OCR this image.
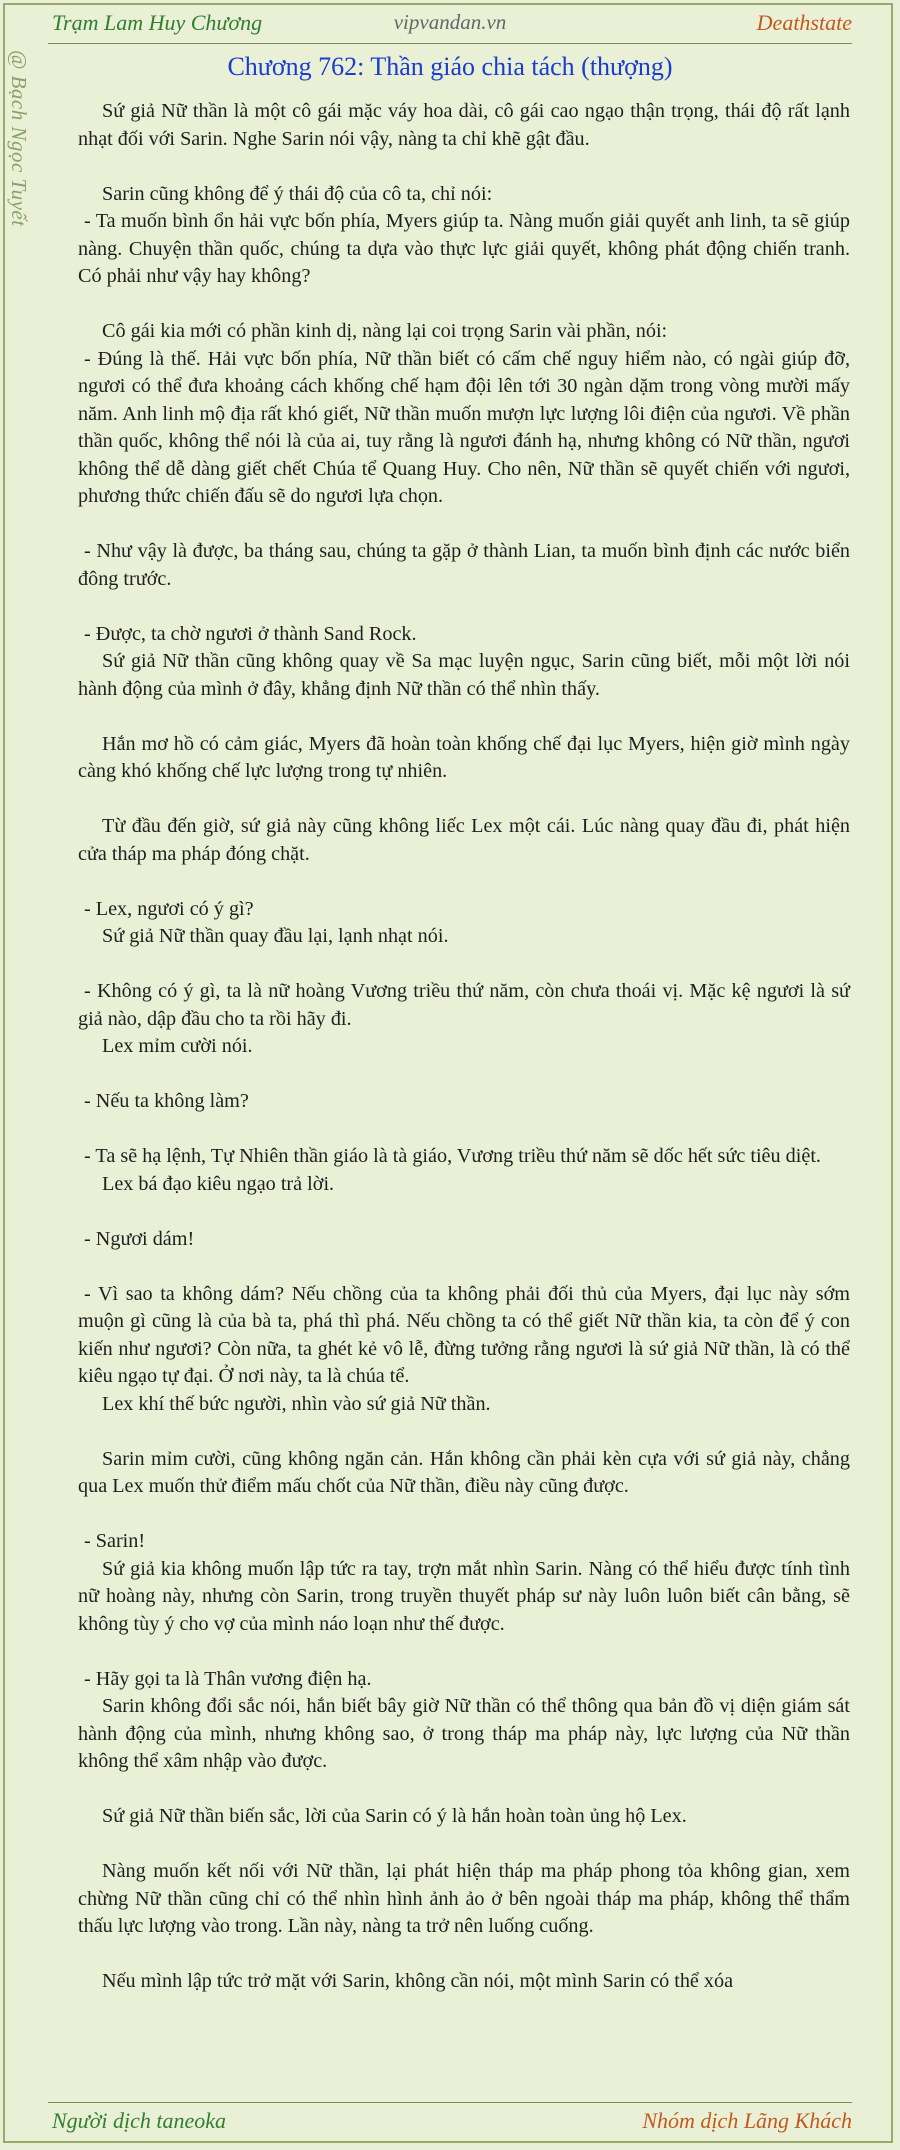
Trạm Lam Huy Chương	vipvandan.vn	Deathstate
@ Bạch Ngọc Tuyết	Chương 762: Thần giáo chia tách (thượng)

Sứ giả Nữ thần là một cô gái mặc váy hoa dài, cô gái cao ngạo thận trọng, thái độ rất lạnh nhạt đối với Sarin. Nghe Sarin nói vậy, nàng ta chỉ khẽ gật đầu.

Sarin cũng không để ý thái độ của cô ta, chỉ nói:

- Ta muốn bình ổn hải vực bốn phía, Myers giúp ta. Nàng muốn giải quyết anh linh, ta sẽ giúp nàng. Chuyện thần quốc, chúng ta dựa vào thực lực giải quyết, không phát động chiến tranh. Có phải như vậy hay không?

Cô gái kia mới có phần kinh dị, nàng lại coi trọng Sarin vài phần, nói:

- Đúng là thế. Hải vực bốn phía, Nữ thần biết có cấm chế nguy hiểm nào, có ngài giúp đỡ, ngươi có thể đưa khoảng cách khống chế hạm đội lên tới 30 ngàn dặm trong vòng mười mấy năm. Anh linh mộ địa rất khó giết, Nữ thần muốn mượn lực lượng lôi điện của ngươi. Về phần thần quốc, không thể nói là của ai, tuy rằng là ngươi đánh hạ, nhưng không có Nữ thần, ngươi không thể dễ dàng giết chết Chúa tể Quang Huy. Cho nên, Nữ thần sẽ quyết chiến với ngươi, phương thức chiến đấu sẽ do ngươi lựa chọn.

- Như vậy là được, ba tháng sau, chúng ta gặp ở thành Lian, ta muốn bình định các nước biển đông trước.

- Được, ta chờ ngươi ở thành Sand Rock.

Sứ giả Nữ thần cũng không quay về Sa mạc luyện ngục, Sarin cũng biết, mỗi một lời nói hành động của mình ở đây, khẳng định Nữ thần có thể nhìn thấy.

Hắn mơ hồ có cảm giác, Myers đã hoàn toàn khống chế đại lục Myers, hiện giờ mình ngày càng khó khống chế lực lượng trong tự nhiên.

Từ đầu đến giờ, sứ giả này cũng không liếc Lex một cái. Lúc nàng quay đầu đi, phát hiện cửa tháp ma pháp đóng chặt.

- Lex, ngươi có ý gì?

Sứ giả Nữ thần quay đầu lại, lạnh nhạt nói.

- Không có ý gì, ta là nữ hoàng Vương triều thứ năm, còn chưa thoái vị. Mặc kệ ngươi là sứ giả nào, dập đầu cho ta rồi hãy đi.

Lex mỉm cười nói.

- Nếu ta không làm?

- Ta sẽ hạ lệnh, Tự Nhiên thần giáo là tà giáo, Vương triều thứ năm sẽ dốc hết sức tiêu diệt.

Lex bá đạo kiêu ngạo trả lời.

- Ngươi dám!

- Vì sao ta không dám? Nếu chồng của ta không phải đối thủ của Myers, đại lục này sớm muộn gì cũng là của bà ta, phá thì phá. Nếu chồng ta có thể giết Nữ thần kia, ta còn để ý con kiến như ngươi? Còn nữa, ta ghét kẻ vô lễ, đừng tưởng rằng ngươi là sứ giả Nữ thần, là có thể kiêu ngạo tự đại. Ở nơi này, ta là chúa tể.

Lex khí thế bức người, nhìn vào sứ giả Nữ thần.

Sarin mỉm cười, cũng không ngăn cản. Hắn không cần phải kèn cựa với sứ giả này, chẳng qua Lex muốn thử điểm mấu chốt của Nữ thần, điều này cũng được.

- Sarin!

Sứ giả kia không muốn lập tức ra tay, trợn mắt nhìn Sarin. Nàng có thể hiểu được tính tình nữ hoàng này, nhưng còn Sarin, trong truyền thuyết pháp sư này luôn luôn biết cân bằng, sẽ không tùy ý cho vợ của mình náo loạn như thế được.

- Hãy gọi ta là Thân vương điện hạ.

Sarin không đổi sắc nói, hắn biết bây giờ Nữ thần có thể thông qua bản đồ vị diện giám sát hành động của mình, nhưng không sao, ở trong tháp ma pháp này, lực lượng của Nữ thần không thể xâm nhập vào được.

Sứ giả Nữ thần biến sắc, lời của Sarin có ý là hắn hoàn toàn ủng hộ Lex.

Nàng muốn kết nối với Nữ thần, lại phát hiện tháp ma pháp phong tỏa không gian, xem chừng Nữ thần cũng chỉ có thể nhìn hình ảnh ảo ở bên ngoài tháp ma pháp, không thể thẩm thấu lực lượng vào trong. Lần này, nàng ta trở nên luống cuống.

Nếu mình lập tức trở mặt với Sarin, không cần nói, một mình Sarin có thể xóa

Người dịch taneoka	Nhóm dịch Lãng Khách
